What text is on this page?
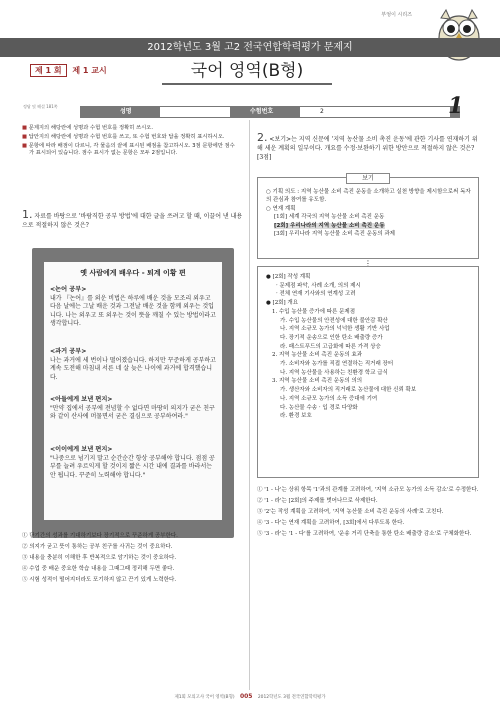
부엉이 시리즈
2012학년도 3월 고2 전국연합학력평가 문제지
제 1 회 제 1 교시	국어 영역(B형)
정답 및 해설 181쪽
성명	수험번호	2	1

■ 문제지의 해당란에 성명과 수험 번호를 정확히 쓰시오.

■ 답안지의 해당란에 성명과 수험 번호를 쓰고, 또 수험 번호와 답을 정확히 표시하시오.

■ 문항에 따라 배점이 다르니, 각 물음의 끝에 표시된 배점을 참고하시오. 3점 문항에만 점수가 표시되어 있습니다. 점수 표시가 없는 문항은 모두 2점입니다.

1. 자료를 바탕으로 '바람직한 공부 방법'에 대한 글을 쓰려고 할 때, 이끌어 낸 내용으로 적절하지 않은 것은?
옛 사람에게 배우다 - 퇴계 이황 편
<논어 공부>
내가 『논어』를 외운 비법은 하루에 배운 것을 모조리 외우고 다음 날에는 그날 배운 것과 그전날 배운 것을 함께 외우는 것입니다. 나는 외우고 또 외우는 것이 뜻을 깨칠 수 있는 방법이라고 생각합니다.
<과거 공부>
나는 과거에 세 번이나 떨어졌습니다. 하지만 꾸준하게 공부하고 계속 도전해 마침내 서른 네 살 늦은 나이에 과거에 합격했습니다.
<아들에게 보낸 편지>
"만약 집에서 공부에 전념할 수 없다면 마땅히 의지가 굳은 친구와 같이 산사에 머물면서 굳은 결심으로 공부하여라."
<이이에게 보낸 편지>
"나중으로 넘기지 말고 순간순간 항상 공부해야 합니다. 점점 공부를 늘려 우르익게 할 것이지 짧은 시간 내에 결과를 바라서는 안 됩니다. 꾸준히 노력해야 합니다."

① 단기간의 성과를 기대하기보다 장기적으로 꾸준하게 공부한다.

② 의지가 굳고 뜻이 통하는 공부 친구를 사귀는 것이 중요하다.

③ 내용을 충분히 이해한 후 반복적으로 암기하는 것이 중요하다.

④ 수업 중 배운 중요한 학습 내용을 그때그때 정리해 두면 좋다.

⑤ 시험 성적이 떨어지더라도 포기하지 않고 끈기 있게 노력한다.

2. <보기>는 지역 신문에 '지역 농산물 소비 촉진 운동'에 관한 기사를 연재하기 위해 세운 계획의 일부이다. 개요를 수정·보완하기 위한 방안으로 적절하지 않은 것은? [3점]
○ 기획 의도 : 지역 농산물 소비 촉진 운동을 소개하고 실천 방향을 제시함으로써 독자의 관심과 참여를 유도함.
○ 연재 계획
[1회] 세계 각국의 지역 농산물 소비 촉진 운동
[2회] 우리나라의 지역 농산물 소비 촉진 운동
[3회] 우리나라 지역 농산물 소비 촉진 운동의 과제
보기
⋮
● [2회] 작성 계획
· 문제점 파악, 사례 소개, 의의 제시
· 전체 연재 기사와의 연계성 고려
● [2회] 개요
1. 수입 농산물 증가에 따른 문제점
가. 수입 농산물의 안전성에 대한 불안감 확산
나. 지역 소규모 농가의 넉넉한 생활 기반 사업
다. 장기적 운송으로 인한 탄소 배출량 증가
라. 패스트푸드의 고급화에 따른 가격 상승
2. 지역 농산물 소비 촉진 운동의 효과
가. 소비자와 농가를 직접 연결하는 직거래 장터
나. 지역 농산물을 사용하는 친환경 학교 급식
3. 지역 농산물 소비 촉진 운동의 의의
가. 생산자와 소비자의 직거래로 농산물에 대한 신뢰 확보
나. 지역 소규모 농가의 소득 증대에 기여
다. 농산물 수송 · 입 경로 다양화
라. 환경 보호

① '1 - 나'는 상위 항목 '1'과의 관계를 고려하여, '지역 소규모 농가의 소득 감소'로 수정한다.

② '1 - 라'는 [2회]의 주제를 벗어나므로 삭제한다.

③ '2'는 작성 계획을 고려하여, '지역 농산물 소비 촉진 운동의 사례'로 고친다.

④ '3 - 다'는 연재 계획을 고려하여, [3회]에서 다루도록 한다.

⑤ '3 - 라'는 '1 - 다'를 고려하여, '운송 거리 단축을 통한 탄소 배출량 감소'로 구체화한다.

제1회 모의고사 국어 영역(B형) 005 2012학년도 3월 전국연합학력평가
